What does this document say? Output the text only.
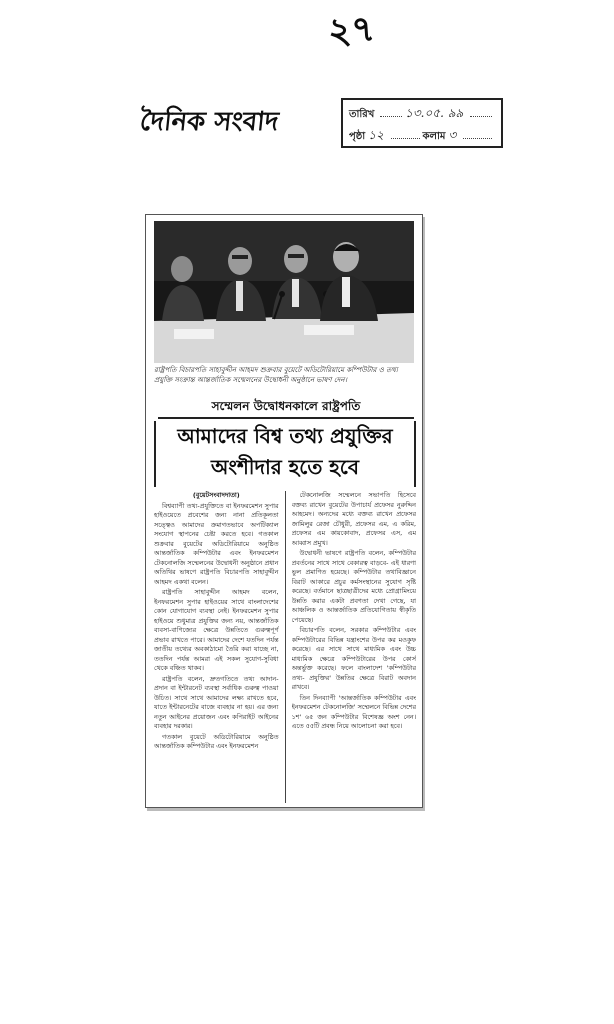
২৭
দৈনিক সংবাদ	তারিখ	১৩.০৫. ৯৯
পৃষ্ঠা ১২	কলাম ৩
রাষ্ট্রপতি বিচারপতি সাহাবুদ্দীন আহমদ শুক্রবার বুয়েটে অডিটোরিয়ামে কম্পিউটার ও তথ্য প্রযুক্তি সংক্রান্ত আন্তর্জাতিক সম্মেলনের উদ্বোধনী অনুষ্ঠানে ভাষণ দেন।
সম্মেলন উদ্বোধনকালে রাষ্ট্রপতি
আমাদের বিশ্ব তথ্য প্রযুক্তির অংশীদার হতে হবে

(বুয়েটসংবাদদাতা)

বিশ্বব্যাপী তথ্য-প্রযুক্তিতে বা ইনফরমেশন সুপার হাইওয়েতে প্রবেশের জন্য নানা প্রতিকূলতা সত্ত্বেও আমাদের ক্রমাগতভাবে অপটিক্যাল সংযোগ স্থাপনের চেষ্টা করতে হবে। গতকাল শুক্রবার বুয়েটের অডিটোরিয়ামে অনুষ্ঠিত আন্তর্জাতিক কম্পিউটার এবং ইনফরমেশন টেকনোলজি সম্মেলনের উদ্বোধনী অনুষ্ঠানে প্রধান অতিথির ভাষণে রাষ্ট্রপতি বিচারপতি সাহাবুদ্দীন আহমদ একথা বলেন।

রাষ্ট্রপতি সাহাবুদ্দীন আহমদ বলেন, ইনফরমেশন সুপার হাইওয়ের সাথে বাংলাদেশের কোন যোগাযোগ ব্যবস্থা নেই। ইনফরমেশন সুপার হাইওয়ে শুধুমাত্র প্রযুক্তির জন্য নয়, আন্তর্জাতিক ব্যবসা-বাণিজ্যের ক্ষেত্রে উন্নতিতে গুরুত্বপূর্ণ প্রভাব রাখতে পারে। আমাদের দেশে যতদিন পর্যন্ত জাতীয় তথ্যের অবকাঠামো তৈরি করা যাচ্ছে না, ততদিন পর্যন্ত আমরা এই সকল সুযোগ-সুবিধা থেকে বঞ্চিত থাকব।

রাষ্ট্রপতি বলেন, দ্রুতগতিতে তথ্য আদান-প্রদান বা ইন্টারনেট ব্যবস্থা সর্বাধিক গুরুত্ব পাওয়া উচিত। সাথে সাথে আমাদের লক্ষ্য রাখতে হবে, যাতে ইন্টারনেটের বাজে ব্যবহার না হয়। এর জন্য নতুন আইনের প্রয়োজন এবং কপিরাইট আইনের ব্যবহার দরকার।

গতকাল বুয়েটে অডিটোরিয়ামে অনুষ্ঠিত আন্তর্জাতিক কম্পিউটার এবং ইনফরমেশন

টেকনোলজি সম্মেলনে সভাপতি হিসেবে বক্তব্য রাখেন বুয়েটের উপাচার্য প্রফেসর নুরুদ্দিন আহমেদ। অন্যদের মধ্যে বক্তব্য রাখেন প্রফেসর জামিলুর রেজা চৌধুরী, প্রফেসর এম, এ করিম, প্রফেসর এম কায়কোবাদ, প্রফেসর এস, এম আব্বাস প্রমুখ।

উদ্বোধনী ভাষণে রাষ্ট্রপতি বলেন, কম্পিউটার প্রবর্তনের সাথে সাথে বেকারত্ব বাড়বে- এই ধারণা ভুল প্রমাণিত হয়েছে। কম্পিউটার তথাবিজ্ঞানে বিরাট আকারে প্রচুর কর্মসংস্থানের সুযোগ সৃষ্টি করেছে। বর্তমানে ছাত্রছাত্রীদের মধ্যে প্রোগ্রামিংয়ে উন্নতি করার একটা প্রবণতা দেখা গেছে, যা আঞ্চলিক ও আন্তর্জাতিক প্রতিযোগিতায় স্বীকৃতি পেয়েছে।

বিচারপতি বলেন, সরকার কম্পিউটার এবং কম্পিউটারের বিভিন্ন যন্ত্রাংশের উপর কর মওকুফ করেছে। এর সাথে সাথে মাধ্যমিক এবং উচ্চ মাধ্যমিক ক্ষেত্রে কম্পিউটারের উপর কোর্স অন্তর্ভুক্ত করেছে। ফলে বাংলাদেশ 'কম্পিউটার তথ্য- প্রযুক্তির' উন্নতির ক্ষেত্রে বিরাট অবদান রাখবে।

তিন দিনব্যাপী 'আন্তর্জাতিক কম্পিউটার এবং ইনফরমেশন টেকনোলজি' সম্মেলনে বিভিন্ন দেশের ১শ' ৬৫ জন কম্পিউটার বিশেষজ্ঞ অংশ নেন। এতে ৫৫টি প্রবন্ধ নিয়ে আলোচনা করা হবে।
